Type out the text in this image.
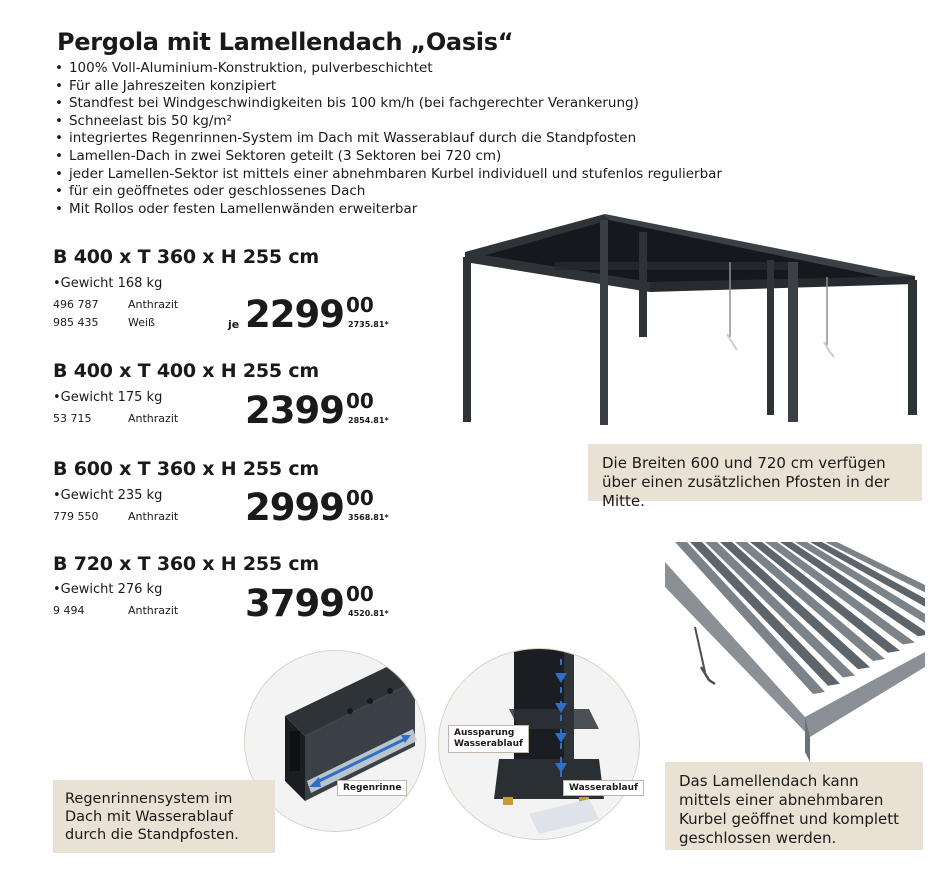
Pergola mit Lamellendach „Oasis“
• 100% Voll-Aluminium-Konstruktion, pulverbeschichtet
• Für alle Jahreszeiten konzipiert
• Standfest bei Windgeschwindigkeiten bis 100 km/h (bei fachgerechter Verankerung)
• Schneelast bis 50 kg/m²
• integriertes Regenrinnen-System im Dach mit Wasserablauf durch die Standpfosten
• Lamellen-Dach in zwei Sektoren geteilt (3 Sektoren bei 720 cm)
• jeder Lamellen-Sektor ist mittels einer abnehmbaren Kurbel individuell und stufenlos regulierbar
• für ein geöffnetes oder geschlossenes Dach
• Mit Rollos oder festen Lamellenwänden erweiterbar
B 400 x T 360 x H 255 cm
• Gewicht 168 kg
496 787	Anthrazit
985 435	Weiß	je 2299 00
2735.81*
B 400 x T 400 x H 255 cm
• Gewicht 175 kg
53 715	Anthrazit 2399 00
2854.81*
B 600 x T 360 x H 255 cm
• Gewicht 235 kg
779 550	Anthrazit 2999 00
3568.81*
B 720 x T 360 x H 255 cm
• Gewicht 276 kg
9 494	Anthrazit 3799 00
4520.81*
Die Breiten 600 und 720 cm verfügen über einen zusätzlichen Pfosten in der Mitte.
Das Lamellendach kann mittels einer abnehmbaren Kurbel geöffnet und komplett geschlossen werden.
Regenrinne
Aussparung
Wasserablauf
Wasserablauf
Regenrinnensystem im Dach mit Wasserablauf durch die Standpfosten.
